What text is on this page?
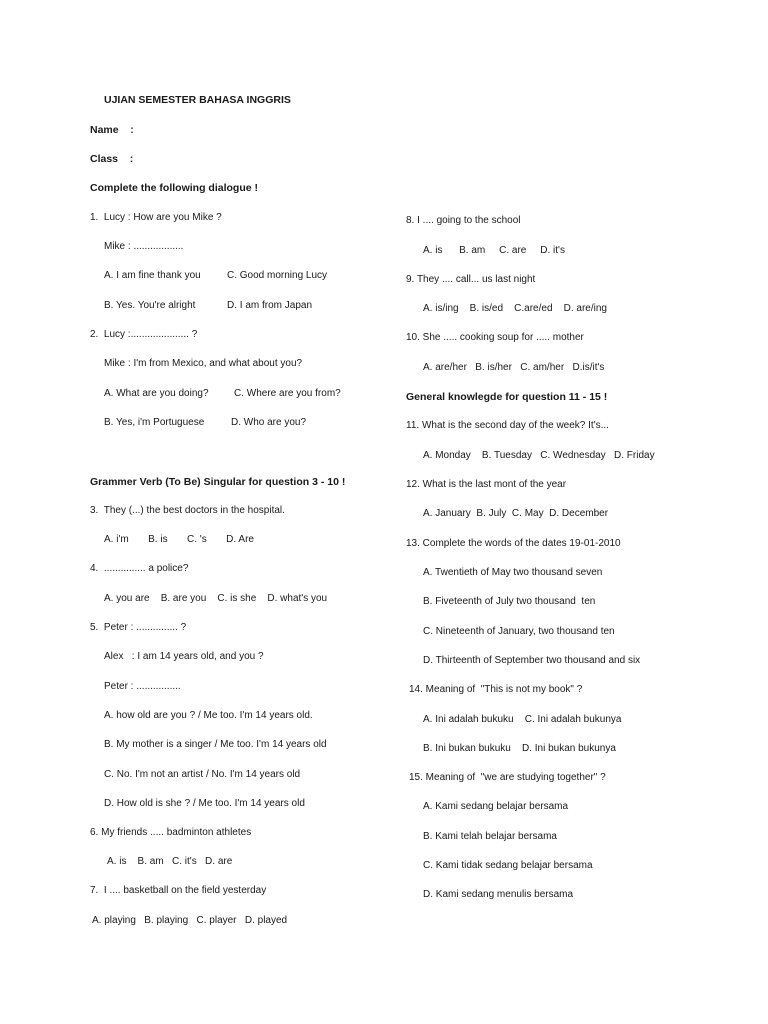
UJIAN SEMESTER BAHASA INGGRIS
Name    :
Class    :
Complete the following dialogue !
1.  Lucy : How are you Mike ?
Mike : ..................
A. I am fine thank you	C. Good morning Lucy
B. Yes. You're alright	D. I am from Japan
2.  Lucy :..................... ?
Mike : I'm from Mexico, and what about you?
A. What are you doing?	C. Where are you from?
B. Yes, i'm Portuguese	D. Who are you?
Grammer Verb (To Be) Singular for question 3 - 10 !
3.  They (...) the best doctors in the hospital.
A. i'm       B. is       C. 's       D. Are
4.  ............... a police?
A. you are    B. are you    C. is she    D. what's you
5.  Peter : ............... ?
Alex   : I am 14 years old, and you ?
Peter : ................
A. how old are you ? / Me too. I'm 14 years old.
B. My mother is a singer / Me too. I'm 14 years old
C. No. I'm not an artist / No. I'm 14 years old
D. How old is she ? / Me too. I'm 14 years old
6. My friends ..... badminton athletes
A. is    B. am   C. it's   D. are
7.  I .... basketball on the field yesterday
A. playing   B. playing   C. player   D. played
8. I .... going to the school
A. is      B. am     C. are     D. it's
9. They .... call... us last night
A. is/ing    B. is/ed    C.are/ed    D. are/ing
10. She ..... cooking soup for ..... mother
A. are/her   B. is/her   C. am/her   D.is/it's
General knowlegde for question 11 - 15 !
11. What is the second day of the week? It's...
A. Monday    B. Tuesday   C. Wednesday   D. Friday
12. What is the last mont of the year
A. January  B. July  C. May  D. December
13. Complete the words of the dates 19-01-2010
A. Twentieth of May two thousand seven
B. Fiveteenth of July two thousand  ten
C. Nineteenth of January, two thousand ten
D. Thirteenth of September two thousand and six
14. Meaning of  "This is not my book" ?
A. Ini adalah bukuku    C. Ini adalah bukunya
B. Ini bukan bukuku    D. Ini bukan bukunya
15. Meaning of  "we are studying together" ?
A. Kami sedang belajar bersama
B. Kami telah belajar bersama
C. Kami tidak sedang belajar bersama
D. Kami sedang menulis bersama
